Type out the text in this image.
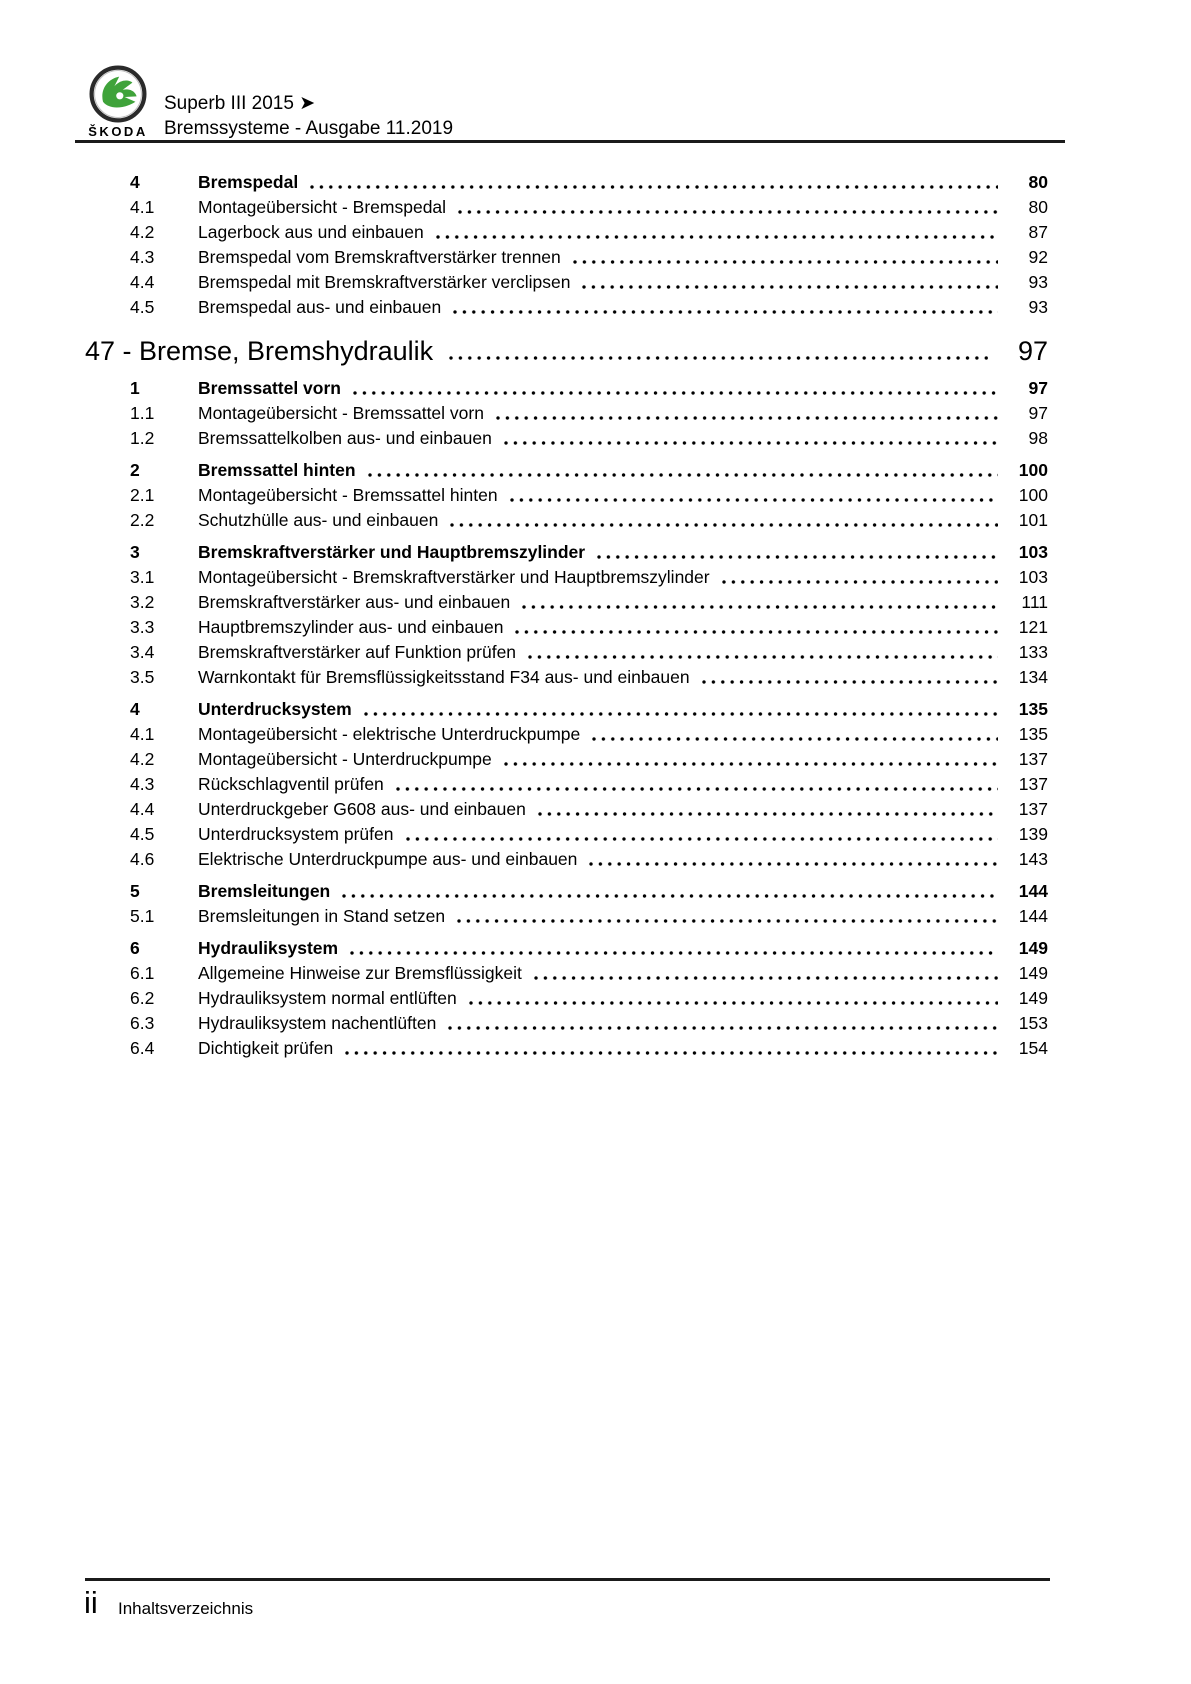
ŠKODA
Superb III 2015 ➤
Bremssysteme - Ausgabe 11.2019
4	Bremspedal	80
4.1	Montageübersicht - Bremspedal	80
4.2	Lagerbock aus und einbauen	87
4.3	Bremspedal vom Bremskraftverstärker trennen	92
4.4	Bremspedal mit Bremskraftverstärker verclipsen	93
4.5	Bremspedal aus- und einbauen	93
47 - Bremse, Bremshydraulik	97
1	Bremssattel vorn	97
1.1	Montageübersicht - Bremssattel vorn	97
1.2	Bremssattelkolben aus- und einbauen	98
2	Bremssattel hinten	100
2.1	Montageübersicht - Bremssattel hinten	100
2.2	Schutzhülle aus- und einbauen	101
3	Bremskraftverstärker und Hauptbremszylinder	103
3.1	Montageübersicht - Bremskraftverstärker und Hauptbremszylinder	103
3.2	Bremskraftverstärker aus- und einbauen	111
3.3	Hauptbremszylinder aus- und einbauen	121
3.4	Bremskraftverstärker auf Funktion prüfen	133
3.5	Warnkontakt für Bremsflüssigkeitsstand F34 aus- und einbauen	134
4	Unterdrucksystem	135
4.1	Montageübersicht - elektrische Unterdruckpumpe	135
4.2	Montageübersicht - Unterdruckpumpe	137
4.3	Rückschlagventil prüfen	137
4.4	Unterdruckgeber G608 aus- und einbauen	137
4.5	Unterdrucksystem prüfen	139
4.6	Elektrische Unterdruckpumpe aus- und einbauen	143
5	Bremsleitungen	144
5.1	Bremsleitungen in Stand setzen	144
6	Hydrauliksystem	149
6.1	Allgemeine Hinweise zur Bremsflüssigkeit	149
6.2	Hydrauliksystem normal entlüften	149
6.3	Hydrauliksystem nachentlüften	153
6.4	Dichtigkeit prüfen	154
ii Inhaltsverzeichnis
